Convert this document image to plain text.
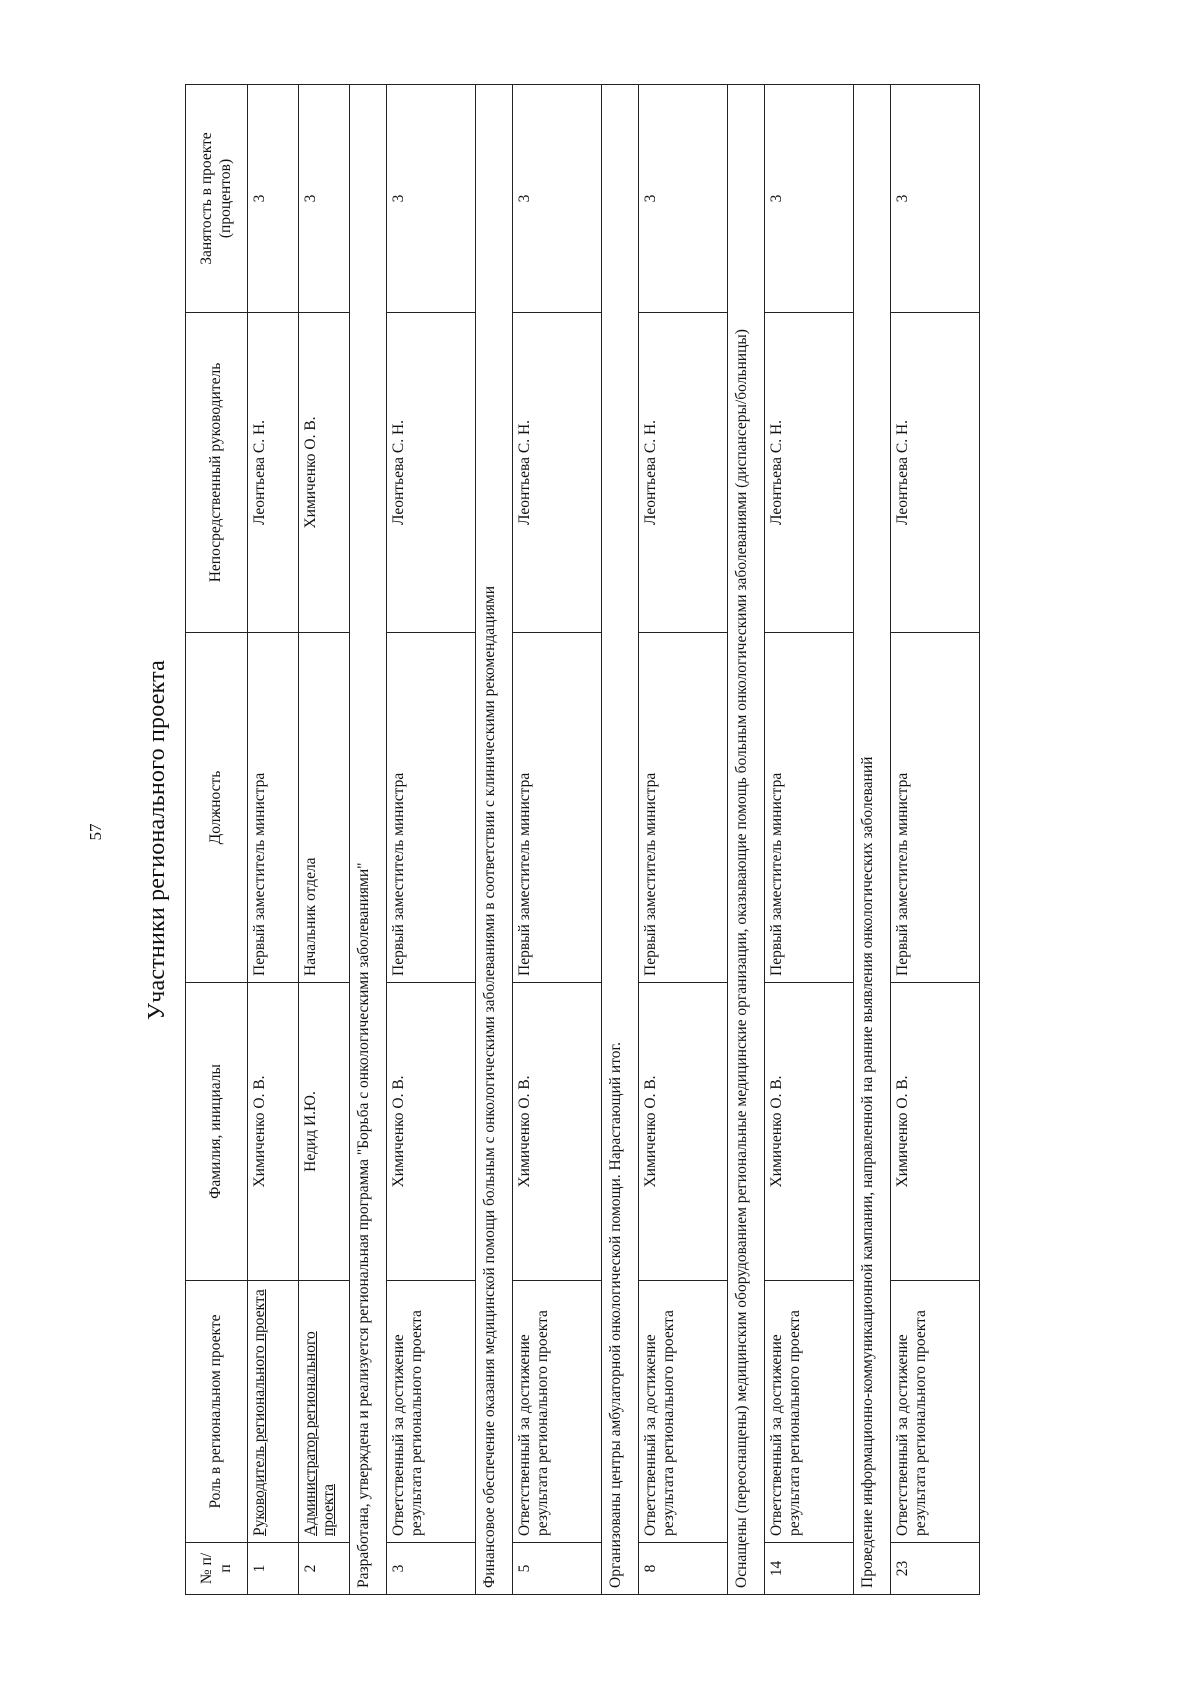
57	Участники регионального проекта
№ п/п	Роль в региональном проекте	Фамилия, инициалы	Должность	Непосредственный руководитель	Занятость в проекте (процентов)
1	Руководитель регионального проекта	Химиченко О. В.	Первый заместитель министра	Леонтьева С. Н.	3
2	Администратор регионального проекта	Недид И.Ю.	Начальник отдела	Химиченко О. В.	3
Разработана, утверждена и реализуется региональная программа "Борьба с онкологическими заболеваниями"					
3	Ответственный за достижение результата регионального проекта	Химиченко О. В.	Первый заместитель министра	Леонтьева С. Н.	3
Финансовое обеспечение оказания медицинской помощи больным с онкологическими заболеваниями в соответствии с клиническими рекомендациями					
5	Ответственный за достижение результата регионального проекта	Химиченко О. В.	Первый заместитель министра	Леонтьева С. Н.	3
Организованы центры амбулаторной онкологической помощи. Нарастающий итог.					
8	Ответственный за достижение результата регионального проекта	Химиченко О. В.	Первый заместитель министра	Леонтьева С. Н.	3
Оснащены (переоснащены) медицинским оборудованием региональные медицинские организации, оказывающие помощь больным онкологическими заболеваниями (диспансеры/больницы)					
14	Ответственный за достижение результата регионального проекта	Химиченко О. В.	Первый заместитель министра	Леонтьева С. Н.	3
Проведение информационно-коммуникационной кампании, направленной на ранние выявления онкологических заболеваний					
23	Ответственный за достижение результата регионального проекта	Химиченко О. В.	Первый заместитель министра	Леонтьева С. Н.	3
